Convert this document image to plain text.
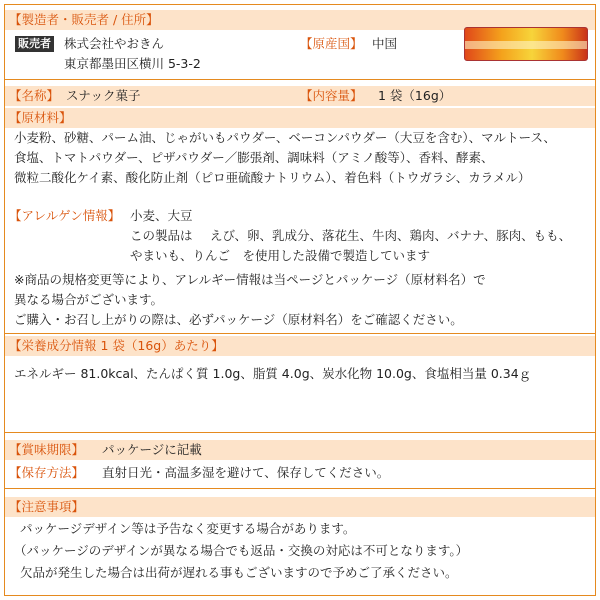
【製造者・販売者 / 住所】
販売者 株式会社やおきん
東京都墨田区横川 5-3-2
【原産国】 中国
【名称】 スナック菓子	【内容量】 1 袋（16g）
【原材料】
小麦粉、砂糖、パーム油、じゃがいもパウダー、ベーコンパウダー（大豆を含む）、マルトース、
食塩、トマトパウダー、ピザパウダー／膨張剤、調味料（アミノ酸等）、香料、酵素、
微粒二酸化ケイ素、酸化防止剤（ピロ亜硫酸ナトリウム）、着色料（トウガラシ、カラメル）
【アレルゲン情報】 小麦、大豆
この製品は えび、卵、乳成分、落花生、牛肉、鶏肉、バナナ、豚肉、もも、
やまいも、りんご　を使用した設備で製造しています
※商品の規格変更等により、アレルギー情報は当ページとパッケージ（原材料名）で
異なる場合がございます。
ご購入・お召し上がりの際は、必ずパッケージ（原材料名）をご確認ください。
【栄養成分情報 1 袋（16g）あたり】
エネルギー 81.0kcal、たんぱく質 1.0g、脂質 4.0g、炭水化物 10.0g、食塩相当量 0.34ｇ
【賞味期限】 パッケージに記載
【保存方法】 直射日光・高温多湿を避けて、保存してください。
【注意事項】
パッケージデザイン等は予告なく変更する場合があります。
（パッケージのデザインが異なる場合でも返品・交換の対応は不可となります。）
欠品が発生した場合は出荷が遅れる事もございますので予めご了承ください。
